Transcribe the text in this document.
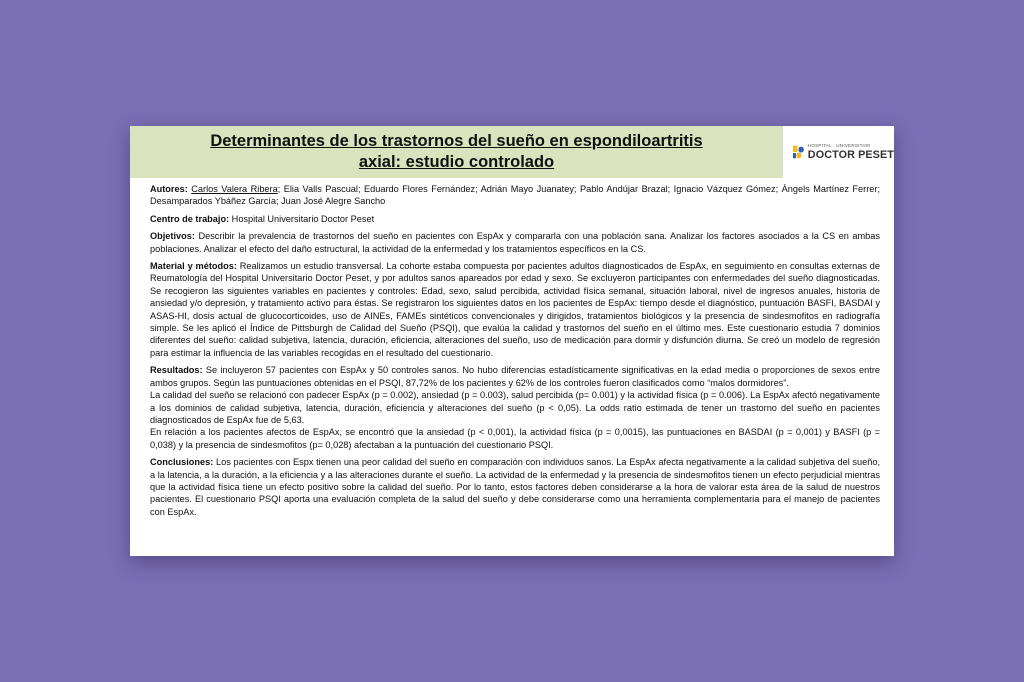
Determinantes de los trastornos del sueño en espondiloartritis
axial: estudio controlado
HOSPITAL · UNIVERSITARI
DOCTOR PESET

Autores: Carlos Valera Ribera; Elia Valls Pascual; Eduardo Flores Fernández; Adrián Mayo Juanatey; Pablo Andújar Brazal; Ignacio Vázquez Gómez; Àngels Martínez Ferrer; Desamparados Ybáñez García; Juan José Alegre Sancho

Centro de trabajo: Hospital Universitario Doctor Peset

Objetivos: Describir la prevalencia de trastornos del sueño en pacientes con EspAx y compararla con una población sana. Analizar los factores asociados a la CS en ambas poblaciones. Analizar el efecto del daño estructural, la actividad de la enfermedad y los tratamientos específicos en la CS.

Material y métodos: Realizamos un estudio transversal. La cohorte estaba compuesta por pacientes adultos diagnosticados de EspAx, en seguimiento en consultas externas de Reumatología del Hospital Universitario Doctor Peset, y por adultos sanos apareados por edad y sexo. Se excluyeron participantes con enfermedades del sueño diagnosticadas. Se recogieron las siguientes variables en pacientes y controles: Edad, sexo, salud percibida, actividad física semanal, situación laboral, nivel de ingresos anuales, historia de ansiedad y/o depresión, y tratamiento activo para éstas. Se registraron los siguientes datos en los pacientes de EspAx: tiempo desde el diagnóstico, puntuación BASFI, BASDAI y ASAS-HI, dosis actual de glucocorticoides, uso de AINEs, FAMEs sintéticos convencionales y dirigidos, tratamientos biológicos y la presencia de sindesmofitos en radiografía simple. Se les aplicó el Índice de Pittsburgh de Calidad del Sueño (PSQI), que evalúa la calidad y trastornos del sueño en el último mes. Este cuestionario estudia 7 dominios diferentes del sueño: calidad subjetiva, latencia, duración, eficiencia, alteraciones del sueño, uso de medicación para dormir y disfunción diurna. Se creó un modelo de regresión para estimar la influencia de las variables recogidas en el resultado del cuestionario.

Resultados: Se incluyeron 57 pacientes con EspAx y 50 controles sanos. No hubo diferencias estadísticamente significativas en la edad media o proporciones de sexos entre ambos grupos. Según las puntuaciones obtenidas en el PSQI, 87,72% de los pacientes y 62% de los controles fueron clasificados como “malos dormidores”.
La calidad del sueño se relacionó con padecer EspAx (p = 0.002), ansiedad (p = 0.003), salud percibida (p= 0.001) y la actividad física (p = 0.006). La EspAx afectó negativamente a los dominios de calidad subjetiva, latencia, duración, eficiencia y alteraciones del sueño (p < 0,05). La odds ratio estimada de tener un trastorno del sueño en pacientes diagnosticados de EspAx fue de 5,63.
En relación a los pacientes afectos de EspAx, se encontró que la ansiedad (p < 0,001), la actividad física (p = 0,0015), las puntuaciones en BASDAI (p = 0,001) y BASFI (p = 0,038) y la presencia de sindesmofitos (p= 0,028) afectaban a la puntuación del cuestionario PSQI.

Conclusiones: Los pacientes con Espx tienen una peor calidad del sueño en comparación con individuos sanos. La EspAx afecta negativamente a la calidad subjetiva del sueño, a la latencia, a la duración, a la eficiencia y a las alteraciones durante el sueño. La actividad de la enfermedad y la presencia de sindesmofitos tienen un efecto perjudicial mientras que la actividad física tiene un efecto positivo sobre la calidad del sueño. Por lo tanto, estos factores deben considerarse a la hora de valorar esta área de la salud de nuestros pacientes. El cuestionario PSQI aporta una evaluación completa de la salud del sueño y debe considerarse como una herramienta complementaria para el manejo de pacientes con EspAx.
